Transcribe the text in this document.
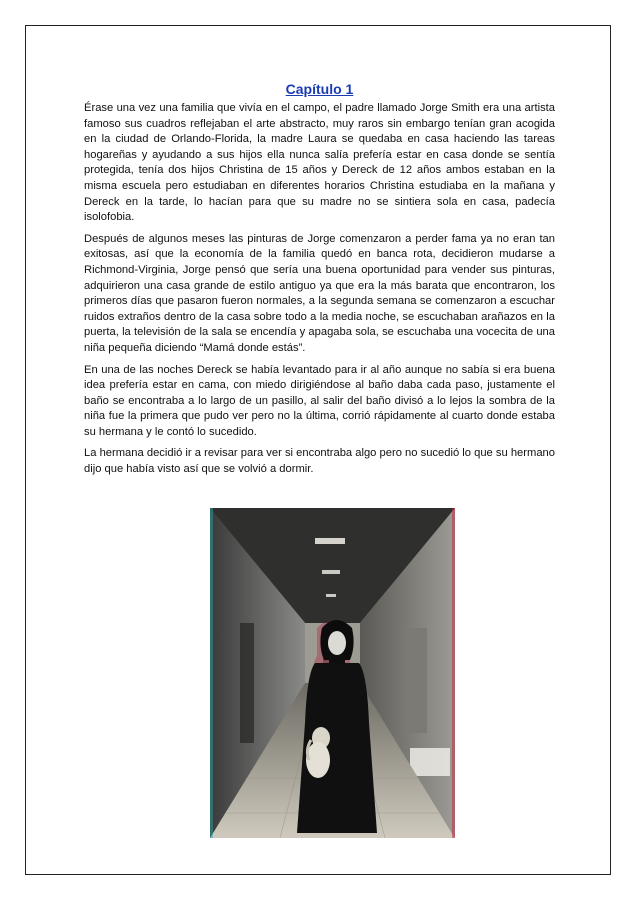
Capítulo 1

Érase una vez una familia que vivía en el campo, el padre llamado Jorge Smith era una artista famoso sus cuadros reflejaban el arte abstracto, muy raros sin embargo tenían gran acogida en la ciudad de Orlando-Florida, la madre Laura se quedaba en casa haciendo las tareas hogareñas y ayudando a sus hijos ella nunca salía prefería estar en casa donde se sentía protegida, tenía dos hijos Christina de 15 años y Dereck de 12 años ambos estaban en la misma escuela pero estudiaban en diferentes horarios Christina estudiaba en la mañana y Dereck en la tarde, lo hacían para que su madre no se sintiera sola en casa, padecía isolofobia.

Después de algunos meses las pinturas de Jorge comenzaron a perder fama ya no eran tan exitosas, así que la economía de la familia quedó en banca rota, decidieron mudarse a Richmond-Virginia, Jorge pensó que sería una buena oportunidad para vender sus pinturas, adquirieron una casa grande de estilo antiguo ya que era la más barata que encontraron, los primeros días que pasaron fueron normales, a la segunda semana se comenzaron a escuchar ruidos extraños dentro de la casa sobre todo a la media noche, se escuchaban arañazos en la puerta, la televisión de la sala se encendía y apagaba sola, se escuchaba una vocecita de una niña pequeña diciendo “Mamá donde estás”.

En una de las noches Dereck se había levantado para ir al año aunque no sabía si era buena idea prefería estar en cama, con miedo dirigiéndose al baño daba cada paso, justamente el baño se encontraba a lo largo de un pasillo, al salir del baño divisó a lo lejos la sombra de la niña fue la primera que pudo ver pero no la última, corrió rápidamente al cuarto donde estaba su hermana y le contó lo sucedido.

La hermana decidió ir a revisar para ver si encontraba algo pero no sucedió lo que su hermano dijo que había visto así que se volvió a dormir.
